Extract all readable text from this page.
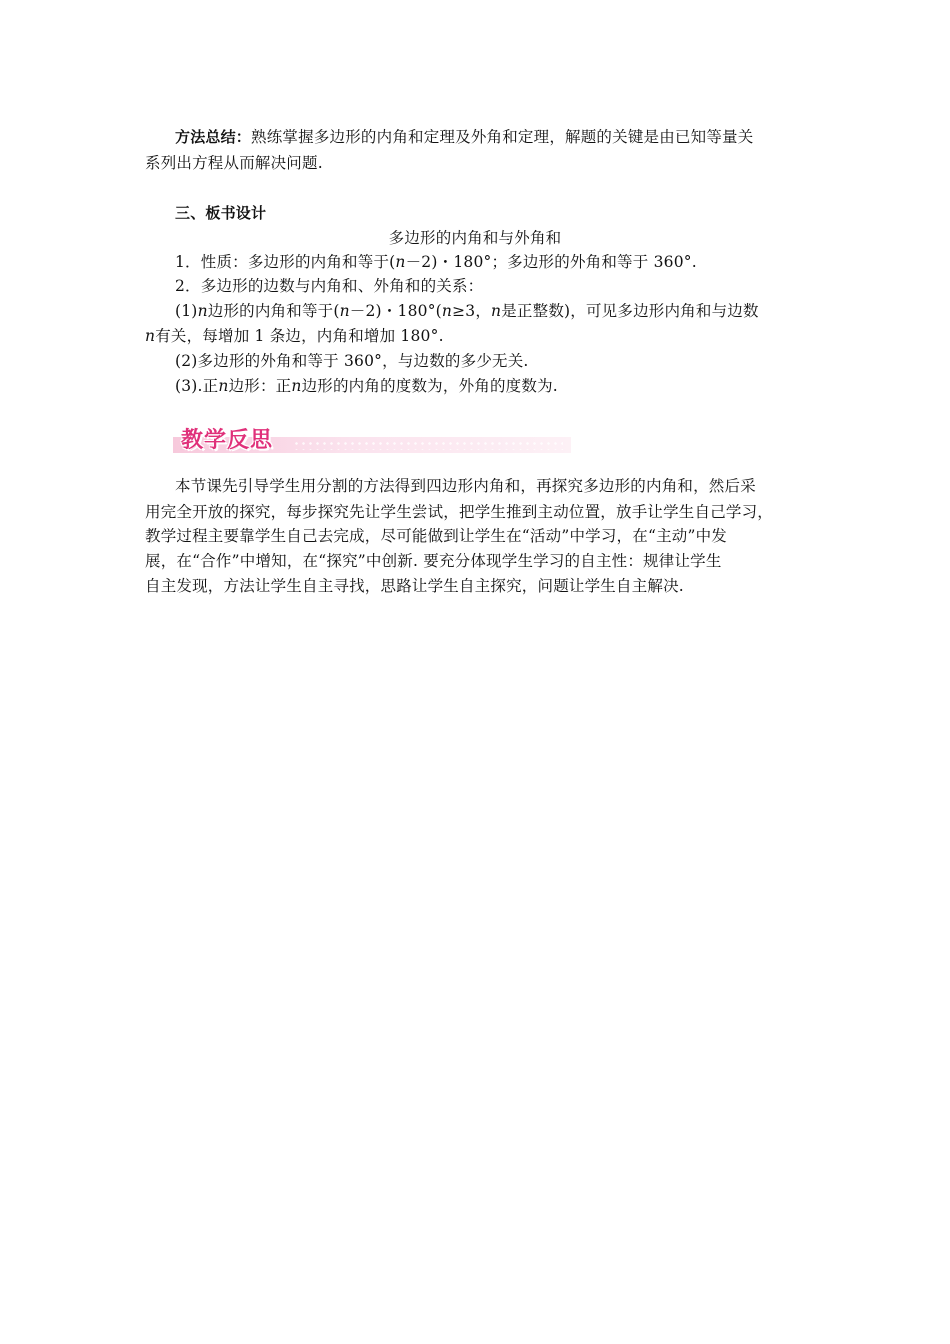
方法总结：熟练掌握多边形的内角和定理及外角和定理，解题的关键是由已知等量关
系列出方程从而解决问题.
三、板书设计
多边形的内角和与外角和
1．性质：多边形的内角和等于(n－2)・180°；多边形的外角和等于 360°.
2．多边形的边数与内角和、外角和的关系：
(1)n边形的内角和等于(n－2)・180°(n≥3，n是正整数)，可见多边形内角和与边数
n有关，每增加 1 条边，内角和增加 180°.
(2)多边形的外角和等于 360°，与边数的多少无关.
(3).正n边形：正n边形的内角的度数为，外角的度数为.
教学反思
本节课先引导学生用分割的方法得到四边形内角和，再探究多边形的内角和，然后采
用完全开放的探究，每步探究先让学生尝试，把学生推到主动位置，放手让学生自己学习，
教学过程主要靠学生自己去完成，尽可能做到让学生在“活动”中学习，在“主动”中发
展，在“合作”中增知，在“探究”中创新. 要充分体现学生学习的自主性：规律让学生
自主发现，方法让学生自主寻找，思路让学生自主探究，问题让学生自主解决.
